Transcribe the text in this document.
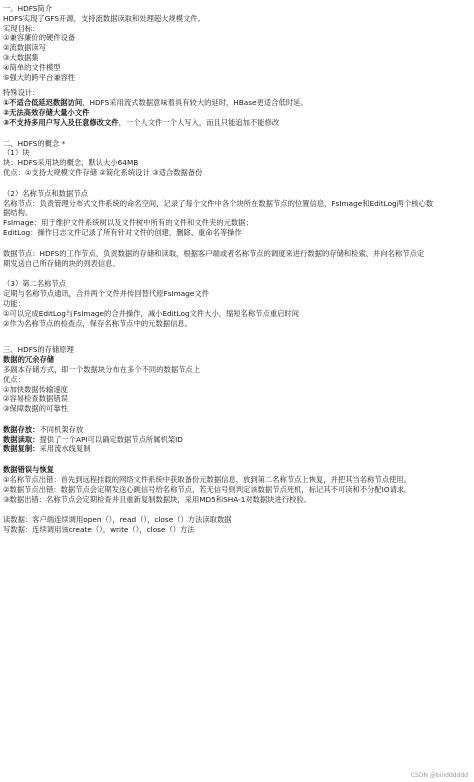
一、HDFS简介
HDFS实现了GFS开源，支持流数据读取和处理超大规模文件。
实现目标：
①兼容廉价的硬件设备
②流数据读写
③大数据集
④简单的文件模型
⑤强大的跨平台兼容性
特殊设计：
①不适合低延迟数据访问，HDFS采用流式数据意味着具有较大的延时，HBase更适合低时延。
②无法高效存储大量小文件
③不支持多用户写入及任意修改文件，一个人文件一个人写入，而且只能追加不能修改
二、HDFS的概念 *
（1）块
块：HDFS采用块的概念，默认大小64MB
优点：①支持大规模文件存储 ②简化系统设计 ③适合数据备份
（2）名称节点和数据节点
名称节点：负责管理分布式文件系统的命名空间，记录了每个文件中各个块所在数据节点的位置信息，FsImage和EditLog两个核心数
据结构。
FsImage：用于维护文件系统树以及文件树中所有的文件和文件夹的元数据；
EditLog：操作日志文件记录了所有针对文件的创建、删除、重命名等操作
数据节点：HDFS的工作节点，负责数据的存储和读取，根据客户端或者名称节点的调度来进行数据的存储和检索，并向名称节点定
期发送自己所存储的块的列表信息。
（3）第二名称节点
定期与名称节点通讯，合并两个文件并传回替代原FsImage文件
功能：
①可以完成EditLog与FsImage的合并操作，减小EditLog文件大小，缩短名称节点重启时间
②作为名称节点的检查点，保存名称节点中的元数据信息。
三、HDFS的存储原理
数据的冗余存储
多副本存储方式，即一个数据块分布在多个不同的数据节点上
优点：
①加快数据传输速度
②容易检查数据错误
③保障数据的可靠性
数据存放：不同机架存放
数据读取：提供了一个API可以确定数据节点所属机架ID
数据复制：采用流水线复制
数据错误与恢复
①名称节点出错：首先到远程挂载的网络文件系统中获取备份元数据信息，放到第二名称节点上恢复，并把其当名称节点使用。
②数据节点出错：数据节点会定期发送心跳信号给名称节点，若无信号则判定该数据节点死机，标记其不可读和不分配IO请求。
③数据出错：名称节点会定期检查并且重新复制数据块，采用MD5和SHA-1对数据块进行校验。
读数据：客户端连续调用open（），read（），close（）方法读取数据
写数据：连续调用该create（），write（），close（）方法
CSDN @bindddddd
